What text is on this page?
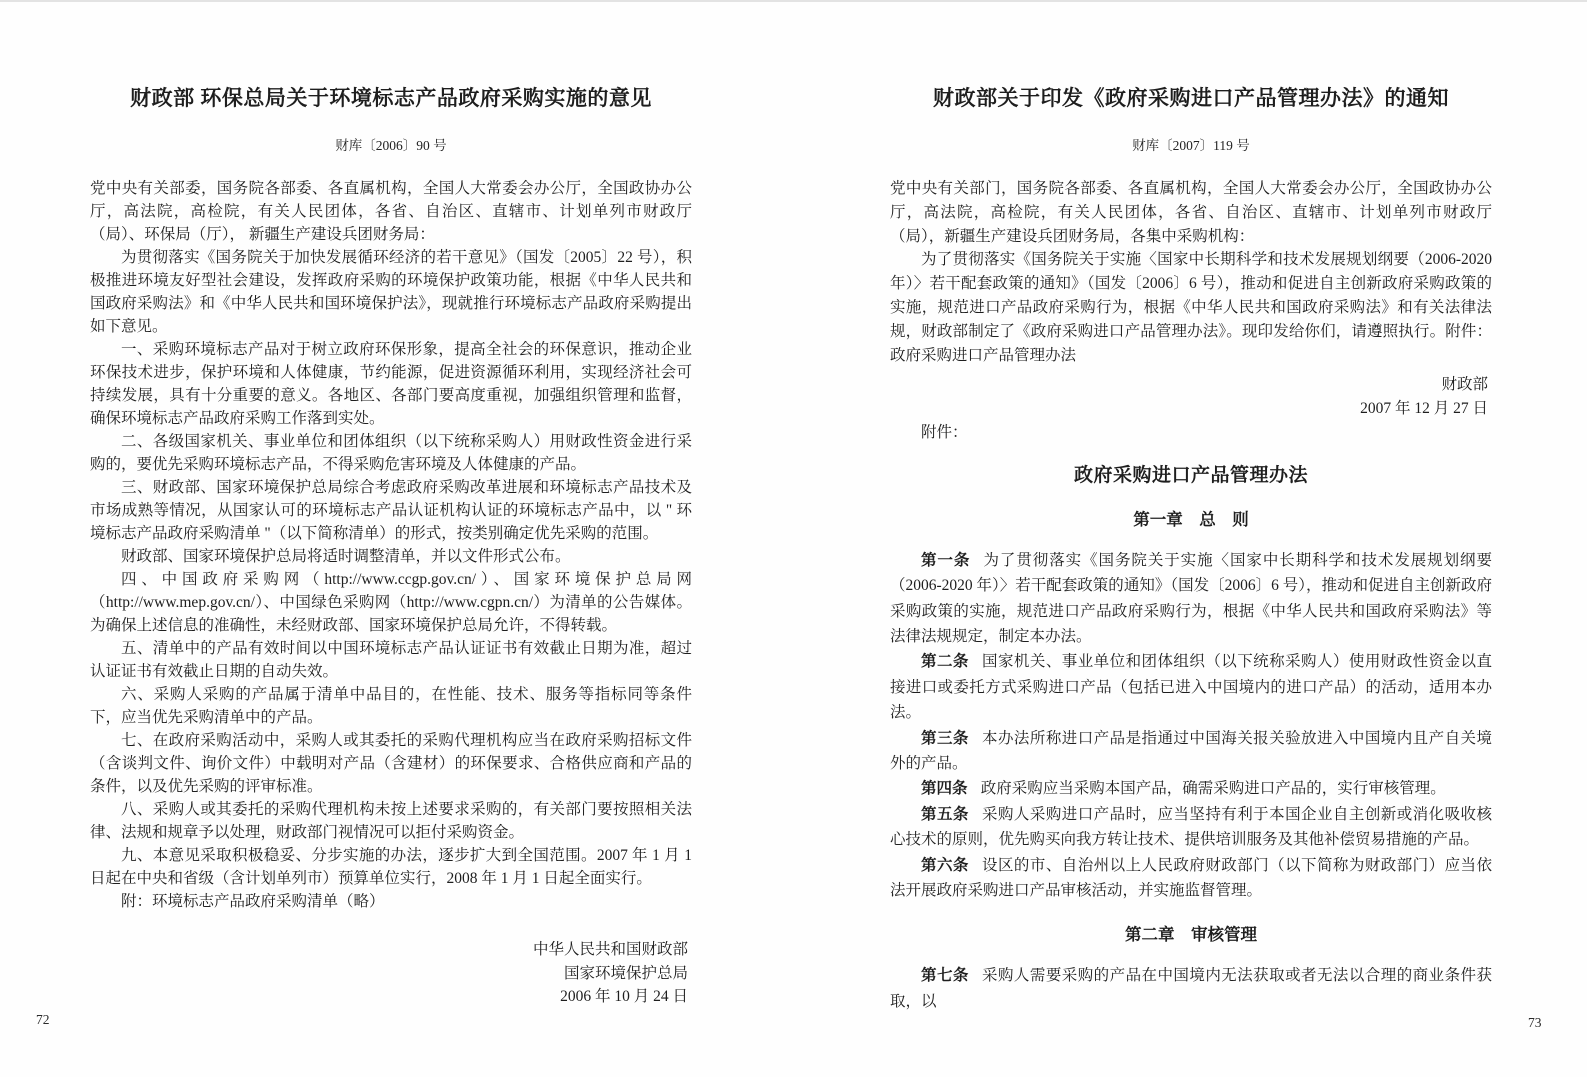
财政部 环保总局关于环境标志产品政府采购实施的意见
财库〔2006〕90 号

党中央有关部委，国务院各部委、各直属机构，全国人大常委会办公厅，全国政协办公厅，高法院，高检院，有关人民团体，各省、自治区、直辖市、计划单列市财政厅（局）、环保局（厅）， 新疆生产建设兵团财务局：

为贯彻落实《国务院关于加快发展循环经济的若干意见》（国发〔2005〕22 号），积极推进环境友好型社会建设，发挥政府采购的环境保护政策功能，根据《中华人民共和国政府采购法》和《中华人民共和国环境保护法》，现就推行环境标志产品政府采购提出如下意见。

一、采购环境标志产品对于树立政府环保形象，提高全社会的环保意识，推动企业环保技术进步，保护环境和人体健康，节约能源，促进资源循环利用，实现经济社会可持续发展，具有十分重要的意义。各地区、各部门要高度重视，加强组织管理和监督，确保环境标志产品政府采购工作落到实处。

二、各级国家机关、事业单位和团体组织（以下统称采购人）用财政性资金进行采购的，要优先采购环境标志产品，不得采购危害环境及人体健康的产品。

三、财政部、国家环境保护总局综合考虑政府采购改革进展和环境标志产品技术及市场成熟等情况，从国家认可的环境标志产品认证机构认证的环境标志产品中，以 " 环境标志产品政府采购清单 "（以下简称清单）的形式，按类别确定优先采购的范围。

财政部、国家环境保护总局将适时调整清单，并以文件形式公布。

四、中国政府采购网（http://www.ccgp.gov.cn/）、国家环境保护总局网（http://www.mep.gov.cn/）、中国绿色采购网（http://www.cgpn.cn/）为清单的公告媒体。为确保上述信息的准确性，未经财政部、国家环境保护总局允许，不得转载。

五、清单中的产品有效时间以中国环境标志产品认证证书有效截止日期为准，超过认证证书有效截止日期的自动失效。

六、采购人采购的产品属于清单中品目的，在性能、技术、服务等指标同等条件下，应当优先采购清单中的产品。

七、在政府采购活动中，采购人或其委托的采购代理机构应当在政府采购招标文件（含谈判文件、询价文件）中载明对产品（含建材）的环保要求、合格供应商和产品的条件，以及优先采购的评审标准。

八、采购人或其委托的采购代理机构未按上述要求采购的，有关部门要按照相关法律、法规和规章予以处理，财政部门视情况可以拒付采购资金。

九、本意见采取积极稳妥、分步实施的办法，逐步扩大到全国范围。2007 年 1 月 1 日起在中央和省级（含计划单列市）预算单位实行，2008 年 1 月 1 日起全面实行。

附：环境标志产品政府采购清单（略）

中华人民共和国财政部
国家环境保护总局
2006 年 10 月 24 日
财政部关于印发《政府采购进口产品管理办法》的通知
财库〔2007〕119 号

党中央有关部门，国务院各部委、各直属机构，全国人大常委会办公厅，全国政协办公厅，高法院，高检院，有关人民团体，各省、自治区、直辖市、计划单列市财政厅（局），新疆生产建设兵团财务局，各集中采购机构：

为了贯彻落实《国务院关于实施〈国家中长期科学和技术发展规划纲要（2006-2020 年）〉若干配套政策的通知》（国发〔2006〕6 号），推动和促进自主创新政府采购政策的实施，规范进口产品政府采购行为，根据《中华人民共和国政府采购法》和有关法律法规，财政部制定了《政府采购进口产品管理办法》。现印发给你们，请遵照执行。附件：政府采购进口产品管理办法

财政部
2007 年 12 月 27 日

附件：

政府采购进口产品管理办法
第一章　总　则

第一条 为了贯彻落实《国务院关于实施〈国家中长期科学和技术发展规划纲要（2006-2020 年）〉若干配套政策的通知》（国发〔2006〕6 号），推动和促进自主创新政府采购政策的实施，规范进口产品政府采购行为，根据《中华人民共和国政府采购法》等法律法规规定，制定本办法。

第二条 国家机关、事业单位和团体组织（以下统称采购人）使用财政性资金以直接进口或委托方式采购进口产品（包括已进入中国境内的进口产品）的活动，适用本办法。

第三条 本办法所称进口产品是指通过中国海关报关验放进入中国境内且产自关境外的产品。

第四条 政府采购应当采购本国产品，确需采购进口产品的，实行审核管理。

第五条 采购人采购进口产品时，应当坚持有利于本国企业自主创新或消化吸收核心技术的原则，优先购买向我方转让技术、提供培训服务及其他补偿贸易措施的产品。

第六条 设区的市、自治州以上人民政府财政部门（以下简称为财政部门）应当依法开展政府采购进口产品审核活动，并实施监督管理。

第二章　审核管理

第七条 采购人需要采购的产品在中国境内无法获取或者无法以合理的商业条件获取，以

72	73
